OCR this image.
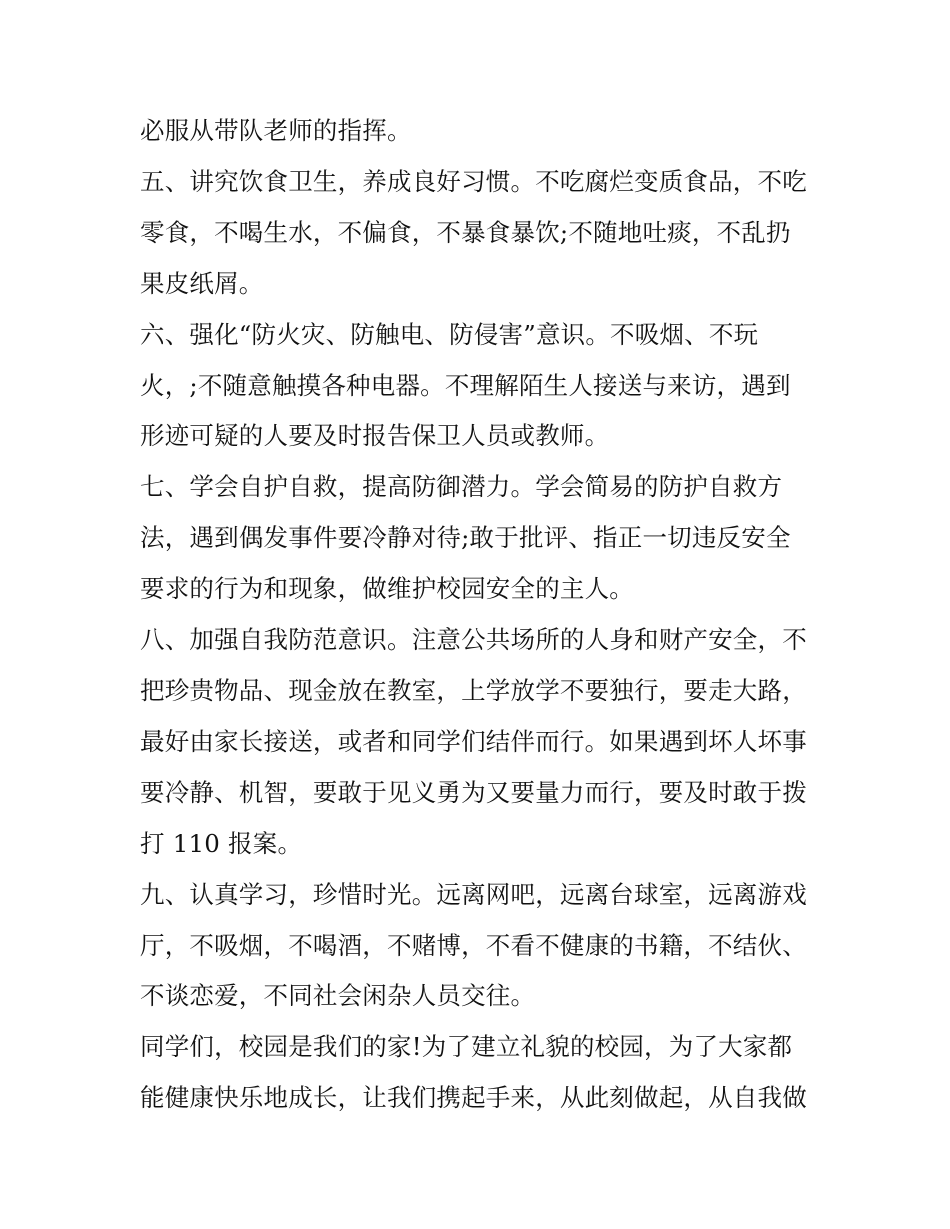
必服从带队老师的指挥。

五、讲究饮食卫生，养成良好习惯。不吃腐烂变质食品，不吃

零食，不喝生水，不偏食，不暴食暴饮;不随地吐痰，不乱扔

果皮纸屑。

六、强化“防火灾、防触电、防侵害”意识。不吸烟、不玩

火，;不随意触摸各种电器。不理解陌生人接送与来访，遇到

形迹可疑的人要及时报告保卫人员或教师。

七、学会自护自救，提高防御潜力。学会简易的防护自救方

法，遇到偶发事件要冷静对待;敢于批评、指正一切违反安全

要求的行为和现象，做维护校园安全的主人。

八、加强自我防范意识。注意公共场所的人身和财产安全，不

把珍贵物品、现金放在教室，上学放学不要独行，要走大路，

最好由家长接送，或者和同学们结伴而行。如果遇到坏人坏事

要冷静、机智，要敢于见义勇为又要量力而行，要及时敢于拨

打 110 报案。

九、认真学习，珍惜时光。远离网吧，远离台球室，远离游戏

厅，不吸烟，不喝酒，不赌博，不看不健康的书籍，不结伙、

不谈恋爱，不同社会闲杂人员交往。

同学们，校园是我们的家!为了建立礼貌的校园，为了大家都

能健康快乐地成长，让我们携起手来，从此刻做起，从自我做
